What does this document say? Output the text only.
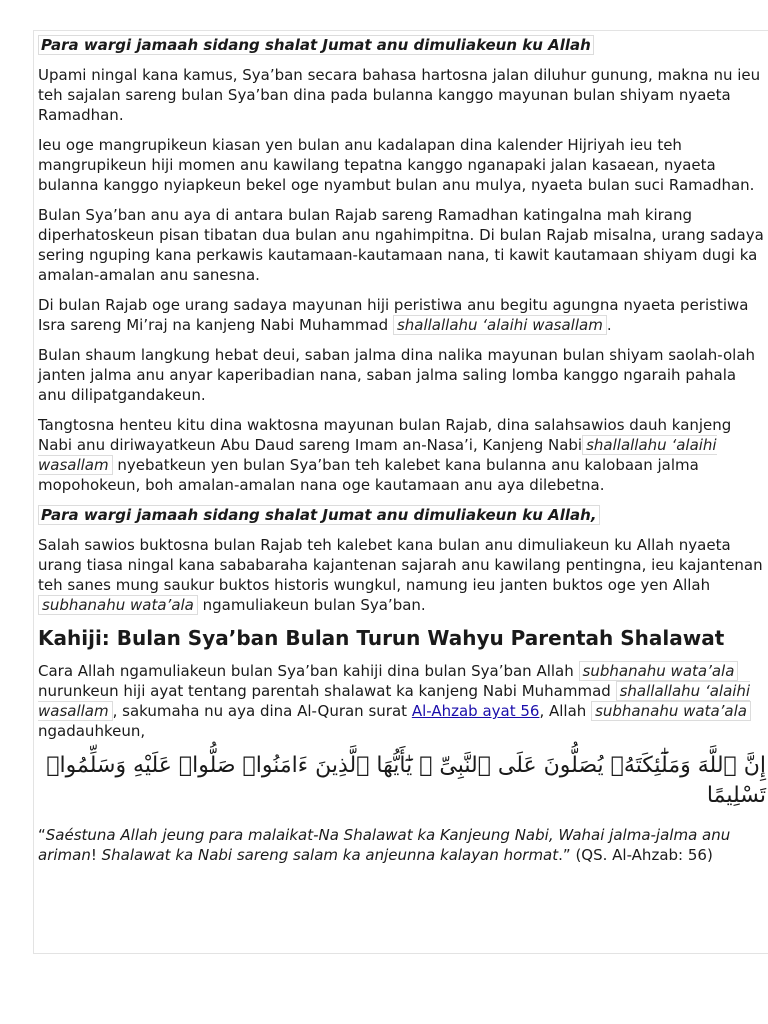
Para wargi jamaah sidang shalat Jumat anu dimuliakeun ku Allah

Upami ningal kana kamus, Sya’ban secara bahasa hartosna jalan diluhur gunung, makna nu ieu teh sajalan sareng bulan Sya’ban dina pada bulanna kanggo mayunan bulan shiyam nyaeta Ramadhan.

Ieu oge mangrupikeun kiasan yen bulan anu kadalapan dina kalender Hijriyah ieu teh mangrupikeun hiji momen anu kawilang tepatna kanggo nganapaki jalan kasaean, nyaeta bulanna kanggo nyiapkeun bekel oge nyambut bulan anu mulya, nyaeta bulan suci Ramadhan.

Bulan Sya’ban anu aya di antara bulan Rajab sareng Ramadhan katingalna mah kirang diperhatoskeun pisan tibatan dua bulan anu ngahimpitna. Di bulan Rajab misalna, urang sadaya sering nguping kana perkawis kautamaan-kautamaan nana, ti kawit kautamaan shiyam dugi ka amalan-amalan anu sanesna.

Di bulan Rajab oge urang sadaya mayunan hiji peristiwa anu begitu agungna nyaeta peristiwa Isra sareng Mi’raj na kanjeng Nabi Muhammad shallallahu ‘alaihi wasallam .

Bulan shaum langkung hebat deui, saban jalma dina nalika mayunan bulan shiyam saolah-olah janten jalma anu anyar kaperibadian nana, saban jalma saling lomba kanggo ngaraih pahala anu dilipatgandakeun.

Tangtosna henteu kitu dina waktosna mayunan bulan Rajab, dina salahsawios dauh kanjeng Nabi anu diriwayatkeun Abu Daud sareng Imam an-Nasa’i, Kanjeng Nabi shallallahu ‘alaihi wasallam nyebatkeun yen bulan Sya’ban teh kalebet kana bulanna anu kalobaan jalma mopohokeun, boh amalan-amalan nana oge kautamaan anu aya dilebetna.

Para wargi jamaah sidang shalat Jumat anu dimuliakeun ku Allah,

Salah sawios buktosna bulan Rajab teh kalebet kana bulan anu dimuliakeun ku Allah nyaeta urang tiasa ningal kana sababaraha kajantenan sajarah anu kawilang pentingna, ieu kajantenan teh sanes mung saukur buktos historis wungkul, namung ieu janten buktos oge yen Allah subhanahu wata’ala ngamuliakeun bulan Sya’ban.

Kahiji: Bulan Sya’ban Bulan Turun Wahyu Parentah Shalawat

Cara Allah ngamuliakeun bulan Sya’ban kahiji dina bulan Sya’ban Allah subhanahu wata’ala nurunkeun hiji ayat tentang parentah shalawat ka kanjeng Nabi Muhammad shallallahu ‘alaihi wasallam , sakumaha nu aya dina Al-Quran surat Al-Ahzab ayat 56, Allah subhanahu wata’ala ngadauhkeun,

إِنَّ ٱللَّهَ وَمَلَٰٓئِكَتَهُۥ يُصَلُّونَ عَلَى ٱلنَّبِىِّ ۚ يَٰٓأَيُّهَا ٱلَّذِينَ ءَامَنُوا۟ صَلُّوا۟ عَلَيْهِ وَسَلِّمُوا۟ تَسْلِيمًا

“Saéstuna Allah jeung para malaikat-Na Shalawat ka Kanjeung Nabi, Wahai jalma-jalma anu ariman! Shalawat ka Nabi sareng salam ka anjeunna kalayan hormat.” (QS. Al-Ahzab: 56)
